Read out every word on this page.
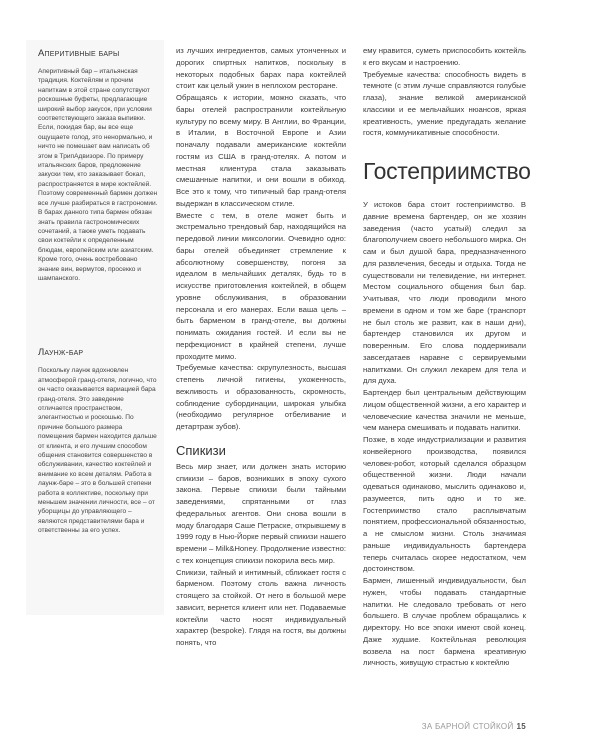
Аперитивные бары

Аперитивный бар – итальянская традиция. Коктейлям и прочим напиткам в этой стране сопутствуют роскошные буфеты, предлагающие широкий выбор закусок, при условии соответствующего заказа выпивки. Если, покидая бар, вы все еще ощущаете голод, это ненормально, и ничто не помешает вам написать об этом в ТрипАдвизоре. По примеру итальянских баров, предложение закуски тем, кто заказывает бокал, распространяется в мире коктейлей. Поэтому современный бармен должен все лучше разбираться в гастрономии. В барах данного типа бармен обязан знать правила гастрономических сочетаний, а также уметь подавать свои коктейли к определенным блюдам, европейским или азиатским. Кроме того, очень востребовано знание вин, вермутов, просекко и шампанского.

Лаунж-бар

Поскольку лаунж вдохновлен атмосферой гранд-отеля, логично, что он часто оказывается вариацией бара гранд-отеля. Это заведение отличается пространством, элегантностью и роскошью. По причине большого размера помещения бармен находится дальше от клиента, и его лучшим способом общения становится совершенство в обслуживании, качество коктейлей и внимание ко всем деталям. Работа в лаунж-баре – это в большей степени работа в коллективе, поскольку при меньшем значении личности, все – от уборщицы до управляющего – являются представителями бара и ответственны за его успех.

из лучших ингредиентов, самых утонченных и дорогих спиртных напитков, поскольку в некоторых подобных барах пара коктейлей стоит как целый ужин в неплохом ресторане.

Обращаясь к истории, можно сказать, что бары отелей распространили коктейльную культуру по всему миру. В Англии, во Франции, в Италии, в Восточной Европе и Азии поначалу подавали американские коктейли гостям из США в гранд-отелях. А потом и местная клиентура стала заказывать смешанные напитки, и они вошли в обиход. Все это к тому, что типичный бар гранд-отеля выдержан в классическом стиле.

Вместе с тем, в отеле может быть и экстремально трендовый бар, находящийся на передовой линии миксологии. Очевидно одно: бары отелей объединяет стремление к абсолютному совершенству, погоня за идеалом в мельчайших деталях, будь то в искусстве приготовления коктейлей, в общем уровне обслуживания, в образовании персонала и его манерах. Если ваша цель – быть барменом в гранд-отеле, вы должны понимать ожидания гостей. И если вы не перфекционист в крайней степени, лучше проходите мимо.

Требуемые качества: скрупулезность, высшая степень личной гигиены, ухоженность, вежливость и образованность, скромность, соблюдение субординации, широкая улыбка (необходимо регулярное отбеливание и детартраж зубов).

Спикизи

Весь мир знает, или должен знать историю спикизи – баров, возникших в эпоху сухого закона. Первые спикизи были тайными заведениями, спрятанными от глаз федеральных агентов. Они снова вошли в моду благодаря Саше Петраске, открывшему в 1999 году в Нью-Йорке первый спикизи нашего времени – Milk&Honey. Продолжение известно: с тех концепция спикизи покорила весь мир.

Спикизи, тайный и интимный, сближает гостя с барменом. Поэтому столь важна личность стоящего за стойкой. От него в большой мере зависит, вернется клиент или нет. Подаваемые коктейли часто носят индивидуальный характер (bespoke). Глядя на гостя, вы должны понять, что

ему нравится, суметь приспособить коктейль к его вкусам и настроению.

Требуемые качества: способность видеть в темноте (с этим лучше справляются голубые глаза), знание великой американской классики и ее мельчайших нюансов, яркая креативность, умение предугадать желание гостя, коммуникативные способности.

Гостеприимство

У истоков бара стоит гостеприимство. В давние времена бартендер, он же хозяин заведения (часто усатый) следил за благополучием своего небольшого мирка. Он сам и был душой бара, предназначенного для развлечения, беседы и отдыха. Тогда не существовали ни телевидение, ни интернет. Местом социального общения был бар. Учитывая, что люди проводили много времени в одном и том же баре (транспорт не был столь же развит, как в наши дни), бартендер становился их другом и поверенным. Его слова поддерживали завсегдатаев наравне с сервируемыми напитками. Он служил лекарем для тела и для духа.

Бартендер был центральным действующим лицом общественной жизни, а его характер и человеческие качества значили не меньше, чем манера смешивать и подавать напитки.

Позже, в ходе индустриализации и развития конвейерного производства, появился человек-робот, который сделался образцом общественной жизни. Люди начали одеваться одинаково, мыслить одинаково и, разумеется, пить одно и то же. Гостеприимство стало расплывчатым понятием, профессиональной обязанностью, а не смыслом жизни. Столь значимая раньше индивидуальность бартендера теперь считалась скорее недостатком, чем достоинством.

Бармен, лишенный индивидуальности, был нужен, чтобы подавать стандартные напитки. Не следовало требовать от него большего. В случае проблем обращались к директору. Но все эпохи имеют свой конец. Даже худшие. Коктейльная революция возвела на пост бармена креативную личность, живущую страстью к коктейлю

ЗА БАРНОЙ СТОЙКОЙ 15
